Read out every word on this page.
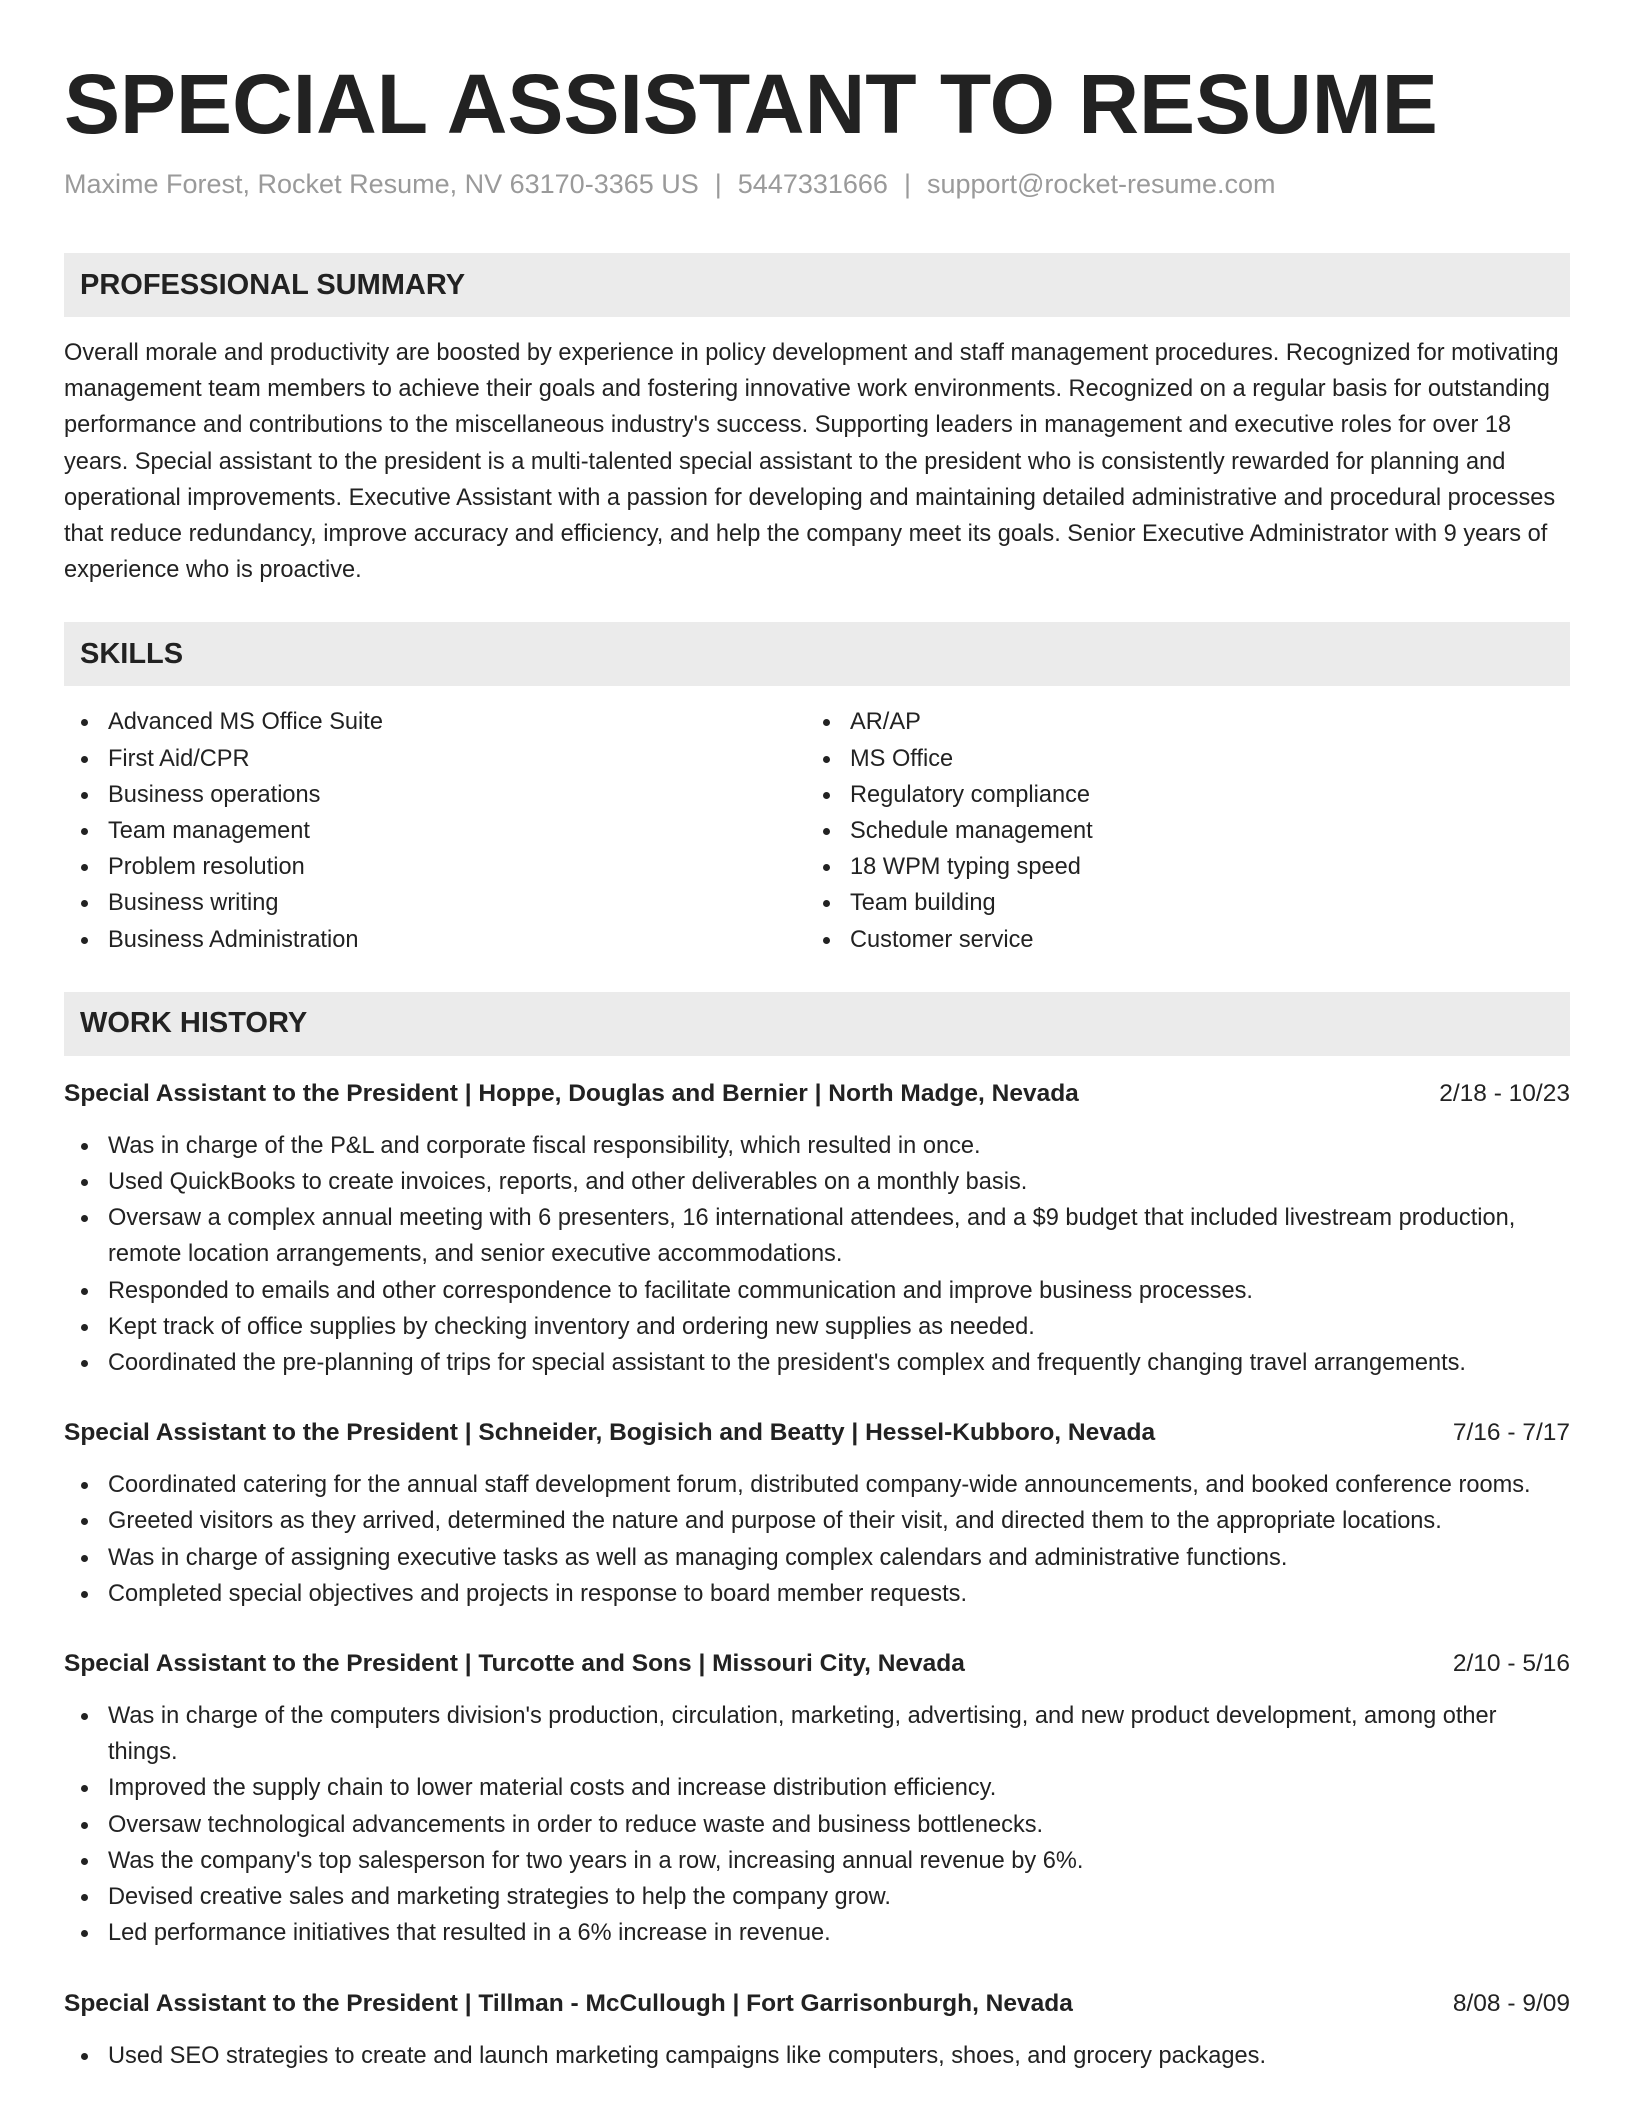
SPECIAL ASSISTANT TO RESUME
Maxime Forest, Rocket Resume, NV 63170-3365 US | 5447331666 | support@rocket-resume.com
PROFESSIONAL SUMMARY

Overall morale and productivity are boosted by experience in policy development and staff management procedures. Recognized for motivating management team members to achieve their goals and fostering innovative work environments. Recognized on a regular basis for outstanding performance and contributions to the miscellaneous industry's success. Supporting leaders in management and executive roles for over 18 years. Special assistant to the president is a multi-talented special assistant to the president who is consistently rewarded for planning and operational improvements. Executive Assistant with a passion for developing and maintaining detailed administrative and procedural processes that reduce redundancy, improve accuracy and efficiency, and help the company meet its goals. Senior Executive Administrator with 9 years of experience who is proactive.

SKILLS
Advanced MS Office Suite
First Aid/CPR
Business operations
Team management
Problem resolution
Business writing
Business Administration
AR/AP
MS Office
Regulatory compliance
Schedule management
18 WPM typing speed
Team building
Customer service
WORK HISTORY
Special Assistant to the President | Hoppe, Douglas and Bernier | North Madge, Nevada	2/18 - 10/23
Was in charge of the P&L and corporate fiscal responsibility, which resulted in once.
Used QuickBooks to create invoices, reports, and other deliverables on a monthly basis.
Oversaw a complex annual meeting with 6 presenters, 16 international attendees, and a $9 budget that included livestream production, remote location arrangements, and senior executive accommodations.
Responded to emails and other correspondence to facilitate communication and improve business processes.
Kept track of office supplies by checking inventory and ordering new supplies as needed.
Coordinated the pre-planning of trips for special assistant to the president's complex and frequently changing travel arrangements.
Special Assistant to the President | Schneider, Bogisich and Beatty | Hessel-Kubboro, Nevada	7/16 - 7/17
Coordinated catering for the annual staff development forum, distributed company-wide announcements, and booked conference rooms.
Greeted visitors as they arrived, determined the nature and purpose of their visit, and directed them to the appropriate locations.
Was in charge of assigning executive tasks as well as managing complex calendars and administrative functions.
Completed special objectives and projects in response to board member requests.
Special Assistant to the President | Turcotte and Sons | Missouri City, Nevada	2/10 - 5/16
Was in charge of the computers division's production, circulation, marketing, advertising, and new product development, among other things.
Improved the supply chain to lower material costs and increase distribution efficiency.
Oversaw technological advancements in order to reduce waste and business bottlenecks.
Was the company's top salesperson for two years in a row, increasing annual revenue by 6%.
Devised creative sales and marketing strategies to help the company grow.
Led performance initiatives that resulted in a 6% increase in revenue.
Special Assistant to the President | Tillman - McCullough | Fort Garrisonburgh, Nevada	8/08 - 9/09
Used SEO strategies to create and launch marketing campaigns like computers, shoes, and grocery packages.
